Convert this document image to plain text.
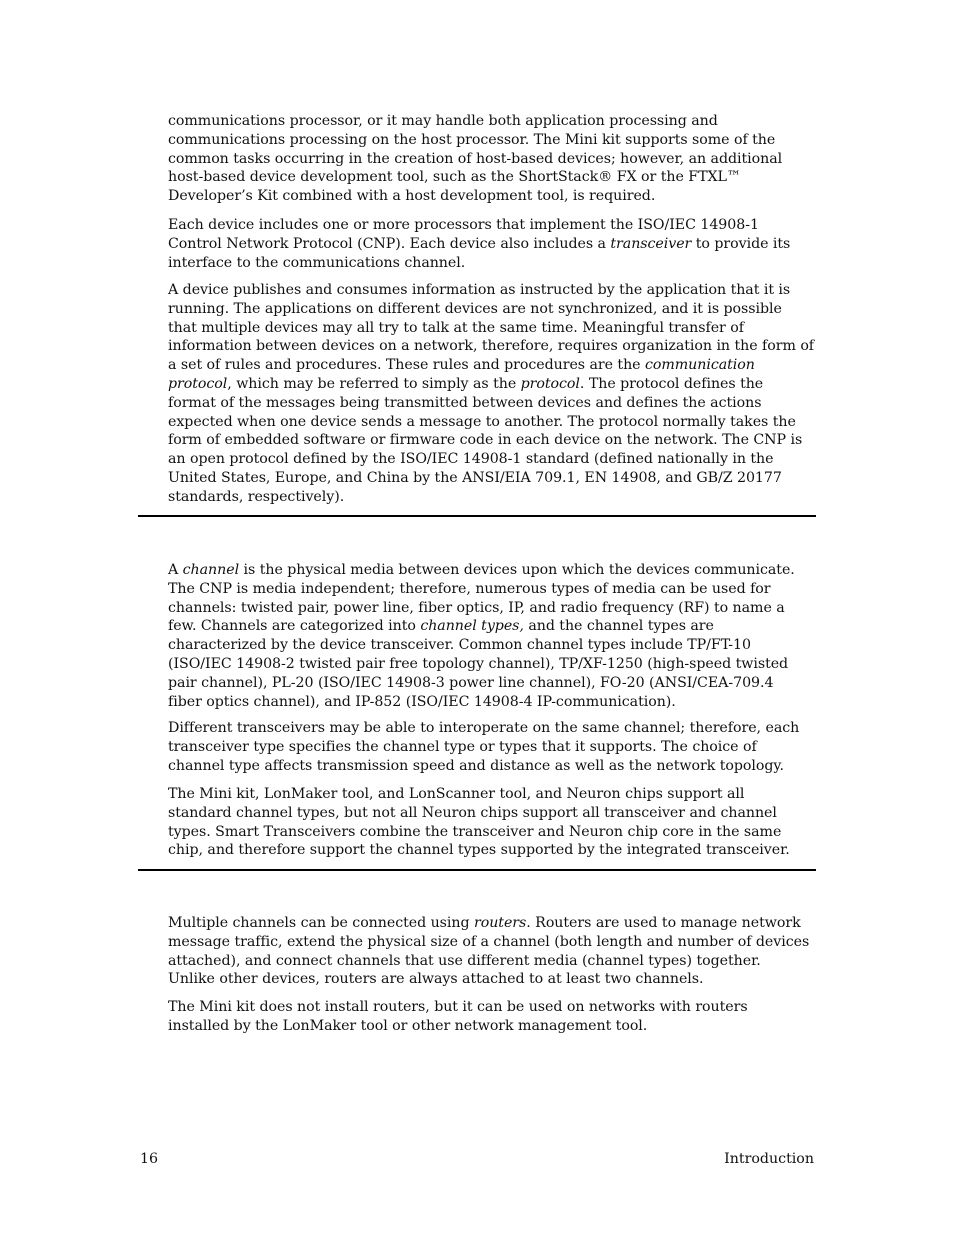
communications processor, or it may handle both application processing and
communications processing on the host processor. The Mini kit supports some of the
common tasks occurring in the creation of host-based devices; however, an additional
host-based device development tool, such as the ShortStack® FX or the FTXL™
Developer’s Kit combined with a host development tool, is required.
Each device includes one or more processors that implement the ISO/IEC 14908-1
Control Network Protocol (CNP). Each device also includes a transceiver to provide its
interface to the communications channel.
A device publishes and consumes information as instructed by the application that it is
running. The applications on different devices are not synchronized, and it is possible
that multiple devices may all try to talk at the same time. Meaningful transfer of
information between devices on a network, therefore, requires organization in the form of
a set of rules and procedures. These rules and procedures are the communication
protocol, which may be referred to simply as the protocol. The protocol defines the
format of the messages being transmitted between devices and defines the actions
expected when one device sends a message to another. The protocol normally takes the
form of embedded software or firmware code in each device on the network. The CNP is
an open protocol defined by the ISO/IEC 14908-1 standard (defined nationally in the
United States, Europe, and China by the ANSI/EIA 709.1, EN 14908, and GB/Z 20177
standards, respectively).
A channel is the physical media between devices upon which the devices communicate.
The CNP is media independent; therefore, numerous types of media can be used for
channels: twisted pair, power line, fiber optics, IP, and radio frequency (RF) to name a
few. Channels are categorized into channel types, and the channel types are
characterized by the device transceiver. Common channel types include TP/FT-10
(ISO/IEC 14908-2 twisted pair free topology channel), TP/XF-1250 (high-speed twisted
pair channel), PL-20 (ISO/IEC 14908-3 power line channel), FO-20 (ANSI/CEA-709.4
fiber optics channel), and IP-852 (ISO/IEC 14908-4 IP-communication).
Different transceivers may be able to interoperate on the same channel; therefore, each
transceiver type specifies the channel type or types that it supports. The choice of
channel type affects transmission speed and distance as well as the network topology.
The Mini kit, LonMaker tool, and LonScanner tool, and Neuron chips support all
standard channel types, but not all Neuron chips support all transceiver and channel
types. Smart Transceivers combine the transceiver and Neuron chip core in the same
chip, and therefore support the channel types supported by the integrated transceiver.
Multiple channels can be connected using routers. Routers are used to manage network
message traffic, extend the physical size of a channel (both length and number of devices
attached), and connect channels that use different media (channel types) together.
Unlike other devices, routers are always attached to at least two channels.
The Mini kit does not install routers, but it can be used on networks with routers
installed by the LonMaker tool or other network management tool.
16	Introduction
